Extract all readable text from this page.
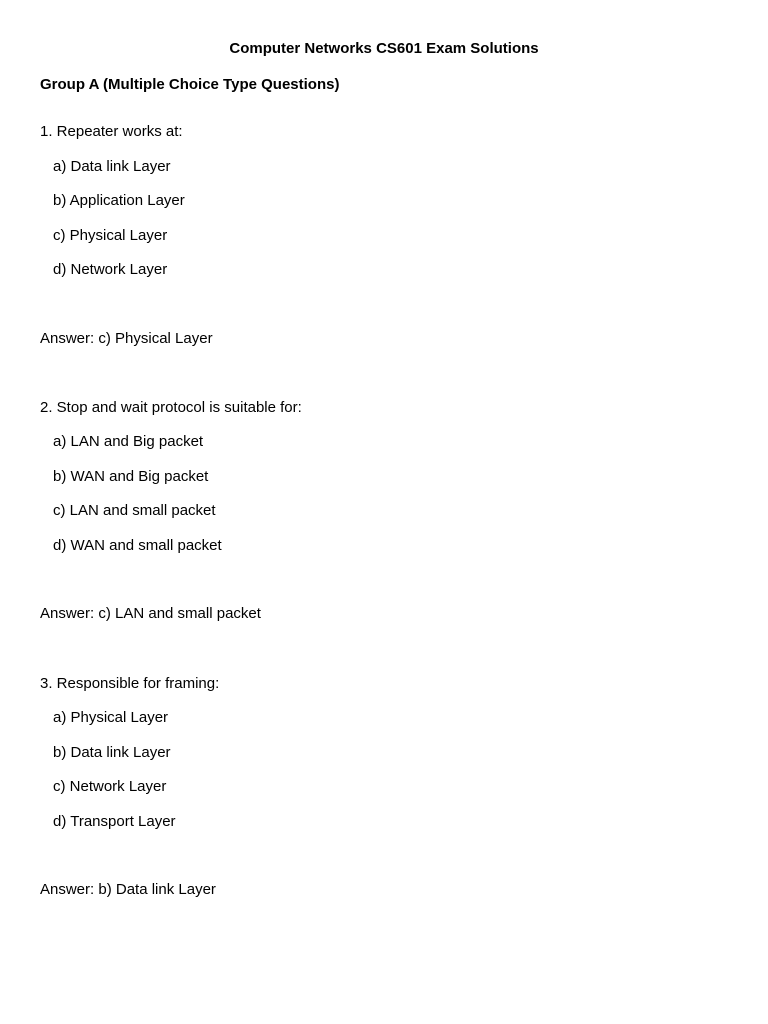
Computer Networks CS601 Exam Solutions
Group A (Multiple Choice Type Questions)
1. Repeater works at:
a) Data link Layer
b) Application Layer
c) Physical Layer
d) Network Layer
Answer: c) Physical Layer
2. Stop and wait protocol is suitable for:
a) LAN and Big packet
b) WAN and Big packet
c) LAN and small packet
d) WAN and small packet
Answer: c) LAN and small packet
3. Responsible for framing:
a) Physical Layer
b) Data link Layer
c) Network Layer
d) Transport Layer
Answer: b) Data link Layer
